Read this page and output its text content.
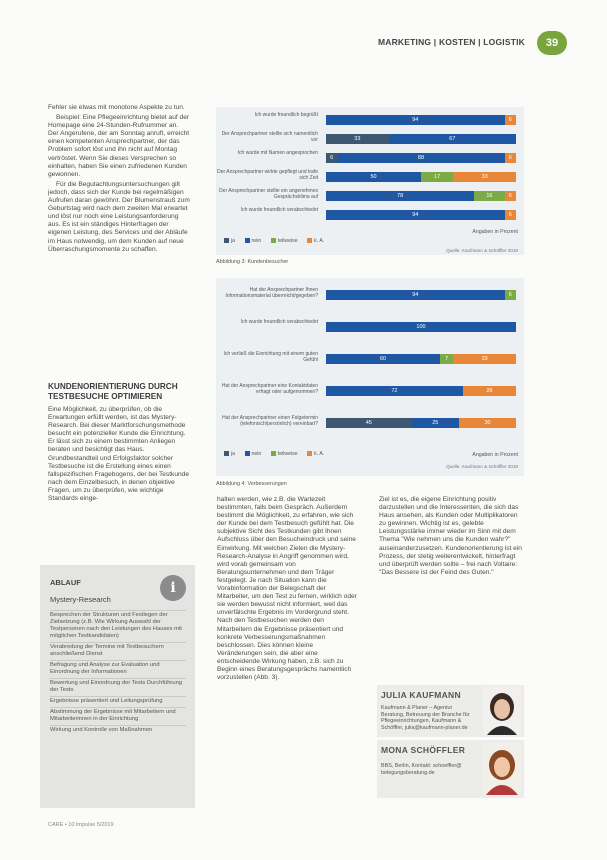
MARKETING | KOSTEN | LOGISTIK	39

Fehler sie etwas mit monotone Aspekte zu tun.

Beispiel: Eine Pflegeeinrichtung bietet auf der Homepage eine 24-Stunden-Rufnummer an. Der Angerufene, der am Sonntag anruft, erreicht einen kompetenten Ansprechpartner, der das Problem sofort löst und ihn nicht auf Montag vertröstet. Wenn Sie dieses Versprechen so einhalten, haben Sie einen zufriedenen Kunden gewonnen.

Für die Begutachtungsuntersuchungen gilt jedoch, dass sich der Kunde bei regelmäßigen Aufrufen daran gewöhnt. Der Blumenstrauß zum Geburtstag wird nach dem zweiten Mal erwartet und löst nur noch eine Leistungsanforderung aus. Es ist ein ständiges Hinterfragen der eigenen Leistung, des Services und der Abläufe im Haus notwendig, um dem Kunden auf neue Überraschungsmomente zu schaffen.

KUNDENORIENTIERUNG DURCH TESTBESUCHE OPTIMIEREN
Eine Möglichkeit, zu überprüfen, ob die Erwartungen erfüllt werden, ist das Mystery-Research. Bei dieser Marktforschungsmethode besucht ein potenzieller Kunde die Einrichtung. Er lässt sich zu einem bestimmten Anliegen beraten und besichtigt das Haus. Grundbestandteil und Erfolgsfaktor solcher Testbesuche ist die Erstellung eines einen fallspezifischen Fragebogens, der bei Testkunde nach dem Einzelbesuch, in denen objektive Fragen, um zu überprüfen, wie wichtige Standards einge-
Angaben in Prozent
ja	nein	teilweise	k. A.
Quelle: Kaufmann & Schöffler 2019
Ich wurde freundlich begrüßt
94	6
Der Ansprechpartner stellte sich namentlich vor	33	67
Ich wurde mit Namen angesprochen
6	88	6
Der Ansprechpartner wirkte gepflegt und trafe sich Zeit	50	17	33
Der Ansprechpartner stellte ein angenehmes Gesprächsklima auf	78	16	6
Ich wurde freundlich verabschiedet
94	6
Abbildung 3: Kundenbesucher
ja	nein	teilweise	k. A.	Angaben in Prozent
Quelle: Kaufmann & Schöffler 2019
Hat der Ansprechpartner Ihnen Informationsmaterial überreicht/gegeben?	94	6
Ich wurde freundlich verabschiedet
100
Ich verließ die Einrichtung mit einem guten Gefühl	60	7	33
Hat der Ansprechpartner eine Kontaktdaten erfragt oder aufgenommen?	72	28
Hat der Ansprechpartner einen Folgetermin (telefonisch/persönlich) vereinbart?	45	25	30
Abbildung 4: Verbesserungen
halten werden, wie z.B. die Wartezeit bestimmten, falls beim Gespräch. Außerdem bestimmt die Möglichkeit, zu erfahren, wie sich der Kunde bei dem Testbesuch gefühlt hat. Die subjektive Sicht des Testkunden gibt Ihnen Aufschluss über den Besucheindruck und seine Einwirkung. Mit welchen Zielen die Mystery-Research-Analyse in Angriff genommen wird, wird vorab gemeinsam von Beratungsunternehmen und dem Träger festgelegt. Je nach Situation kann die Vorabinformation der Belegschaft der Mitarbeiter, um den Test zu fernen, wirklich oder sie werden bewusst nicht informiert, weil das unverfälschte Ergebnis im Vordergrund steht. Nach den Testbesuchen werden den Mitarbeitern die Ergebnisse präsentiert und konkrete Verbesserungsmaßnahmen beschlossen. Dies können kleine Veränderungen sein, die aber eine entscheidende Wirkung haben, z.B. sich zu Beginn eines Beratungsgesprächs namentlich vorzustellen (Abb. 3).
Ziel ist es, die eigene Einrichtung positiv darzustellen und die Interessenten, die sich das Haus ansehen, als Kunden oder Multiplikatoren zu gewinnen. Wichtig ist es, gelebte Leistungsstärke immer wieder im Sinn mit dem Thema "Wie nehmen uns die Kunden wahr?" auseinanderzusetzen. Kundenorientierung ist ein Prozess, der stetig weiterentwickelt, hinterfragt und überprüft werden sollte – frei nach Voltaire: "Das Bessere ist der Feind des Guten."
ABLAUF
Mystery-Research
i
Besprechen der Strukturen und Festlegen der Zielsetzung (z.B. Wie Wirkung Auswahl der Testpersonen nach den Leistungen des Hauses mit möglichen Testkandidaten)
Verabredung der Termine mit Testbesuchern anschließend Dienst
Befragung und Analyse zur Evaluation und Einordnung der Informationen
Bewertung und Einordnung der Tests Durchführung der Tests
Ergebnisse präsentiert und Leitungsprüfung
Abstimmung der Ergebnisse mit Mitarbeitern und Mitarbeiterinnen in der Einrichtung
Wirkung und Kontrolle von Maßnahmen
JULIA KAUFMANN
Kaufmann & Planer – Agentur Beratung, Betreuung der Branche für Pflegeeinrichtungen, Kaufmann & Schöffler, julia@kaufmann-planer.de
MONA SCHÖFFLER
BBS, Berlin, Kontakt: schoeffler@ belegungsberatung.de
CARE • 10 Impulse 5/2019
